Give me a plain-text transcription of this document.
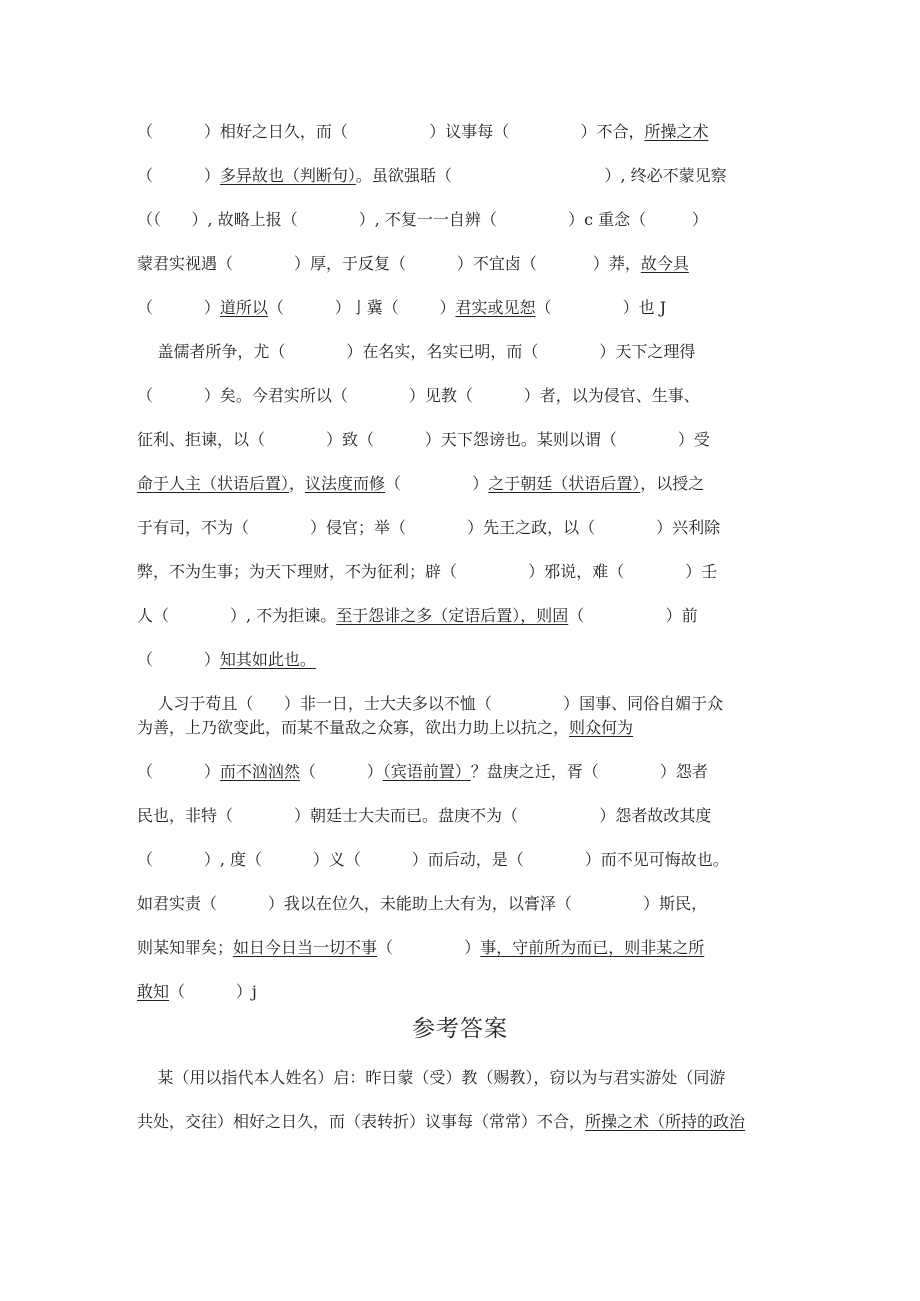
（          ）相好之日久，而（                ）议事每（              ）不合，所操之术
（          ）多异故也（判断句）。虽欲强聒（                              ）, 终必不蒙见察
（（      ）, 故略上报（            ）, 不复一一自辨（              ）c 重念（         ）
蒙君实视遇（            ）厚，于反复（          ）不宜卤（           ）莽，故今具
（          ）道所以（          ）亅冀（        ）君实或见恕（              ）也 J
盖儒者所争，尤（            ）在名实，名实已明，而（            ）天下之理得
（          ）矣。今君实所以（            ）见教（          ）者，以为侵官、生事、
征利、拒谏，以（            ）致（          ）天下怨谤也。某则以谓（            ）受
命于人主（状语后置），议法度而修（              ）之于朝廷（状语后置），以授之
于有司，不为（            ）侵官；举（            ）先王之政，以（            ）兴利除
弊，不为生事；为天下理财，不为征利；辟（              ）邪说，难（            ）壬
人（            ）, 不为拒谏。至于怨诽之多（定语后置），则固（                ）前
（          ）知其如此也。
人习于苟且（      ）非一日，士大夫多以不恤（              ）国事、同俗自媚于众
为善，上乃欲变此，而某不量敌之众寡，欲出力助上以抗之，则众何为
（          ）而不汹汹然（          ）（宾语前置）？盘庚之迁，胥（            ）怨者
民也，非特（            ）朝廷士大夫而已。盘庚不为（                ）怨者故改其度
（          ）, 度（          ）义（          ）而后动，是（            ）而不见可悔故也。
如君实责（          ）我以在位久，未能助上大有为，以膏泽（              ）斯民，
则某知罪矣；如日今日当一切不事（              ）事，守前所为而已，则非某之所
敢知（          ）j
参考答案
某（用以指代本人姓名）启：昨日蒙（受）教（赐教），窃以为与君实游处（同游
共处，交往）相好之日久，而（表转折）议事每（常常）不合，所操之术（所持的政治
